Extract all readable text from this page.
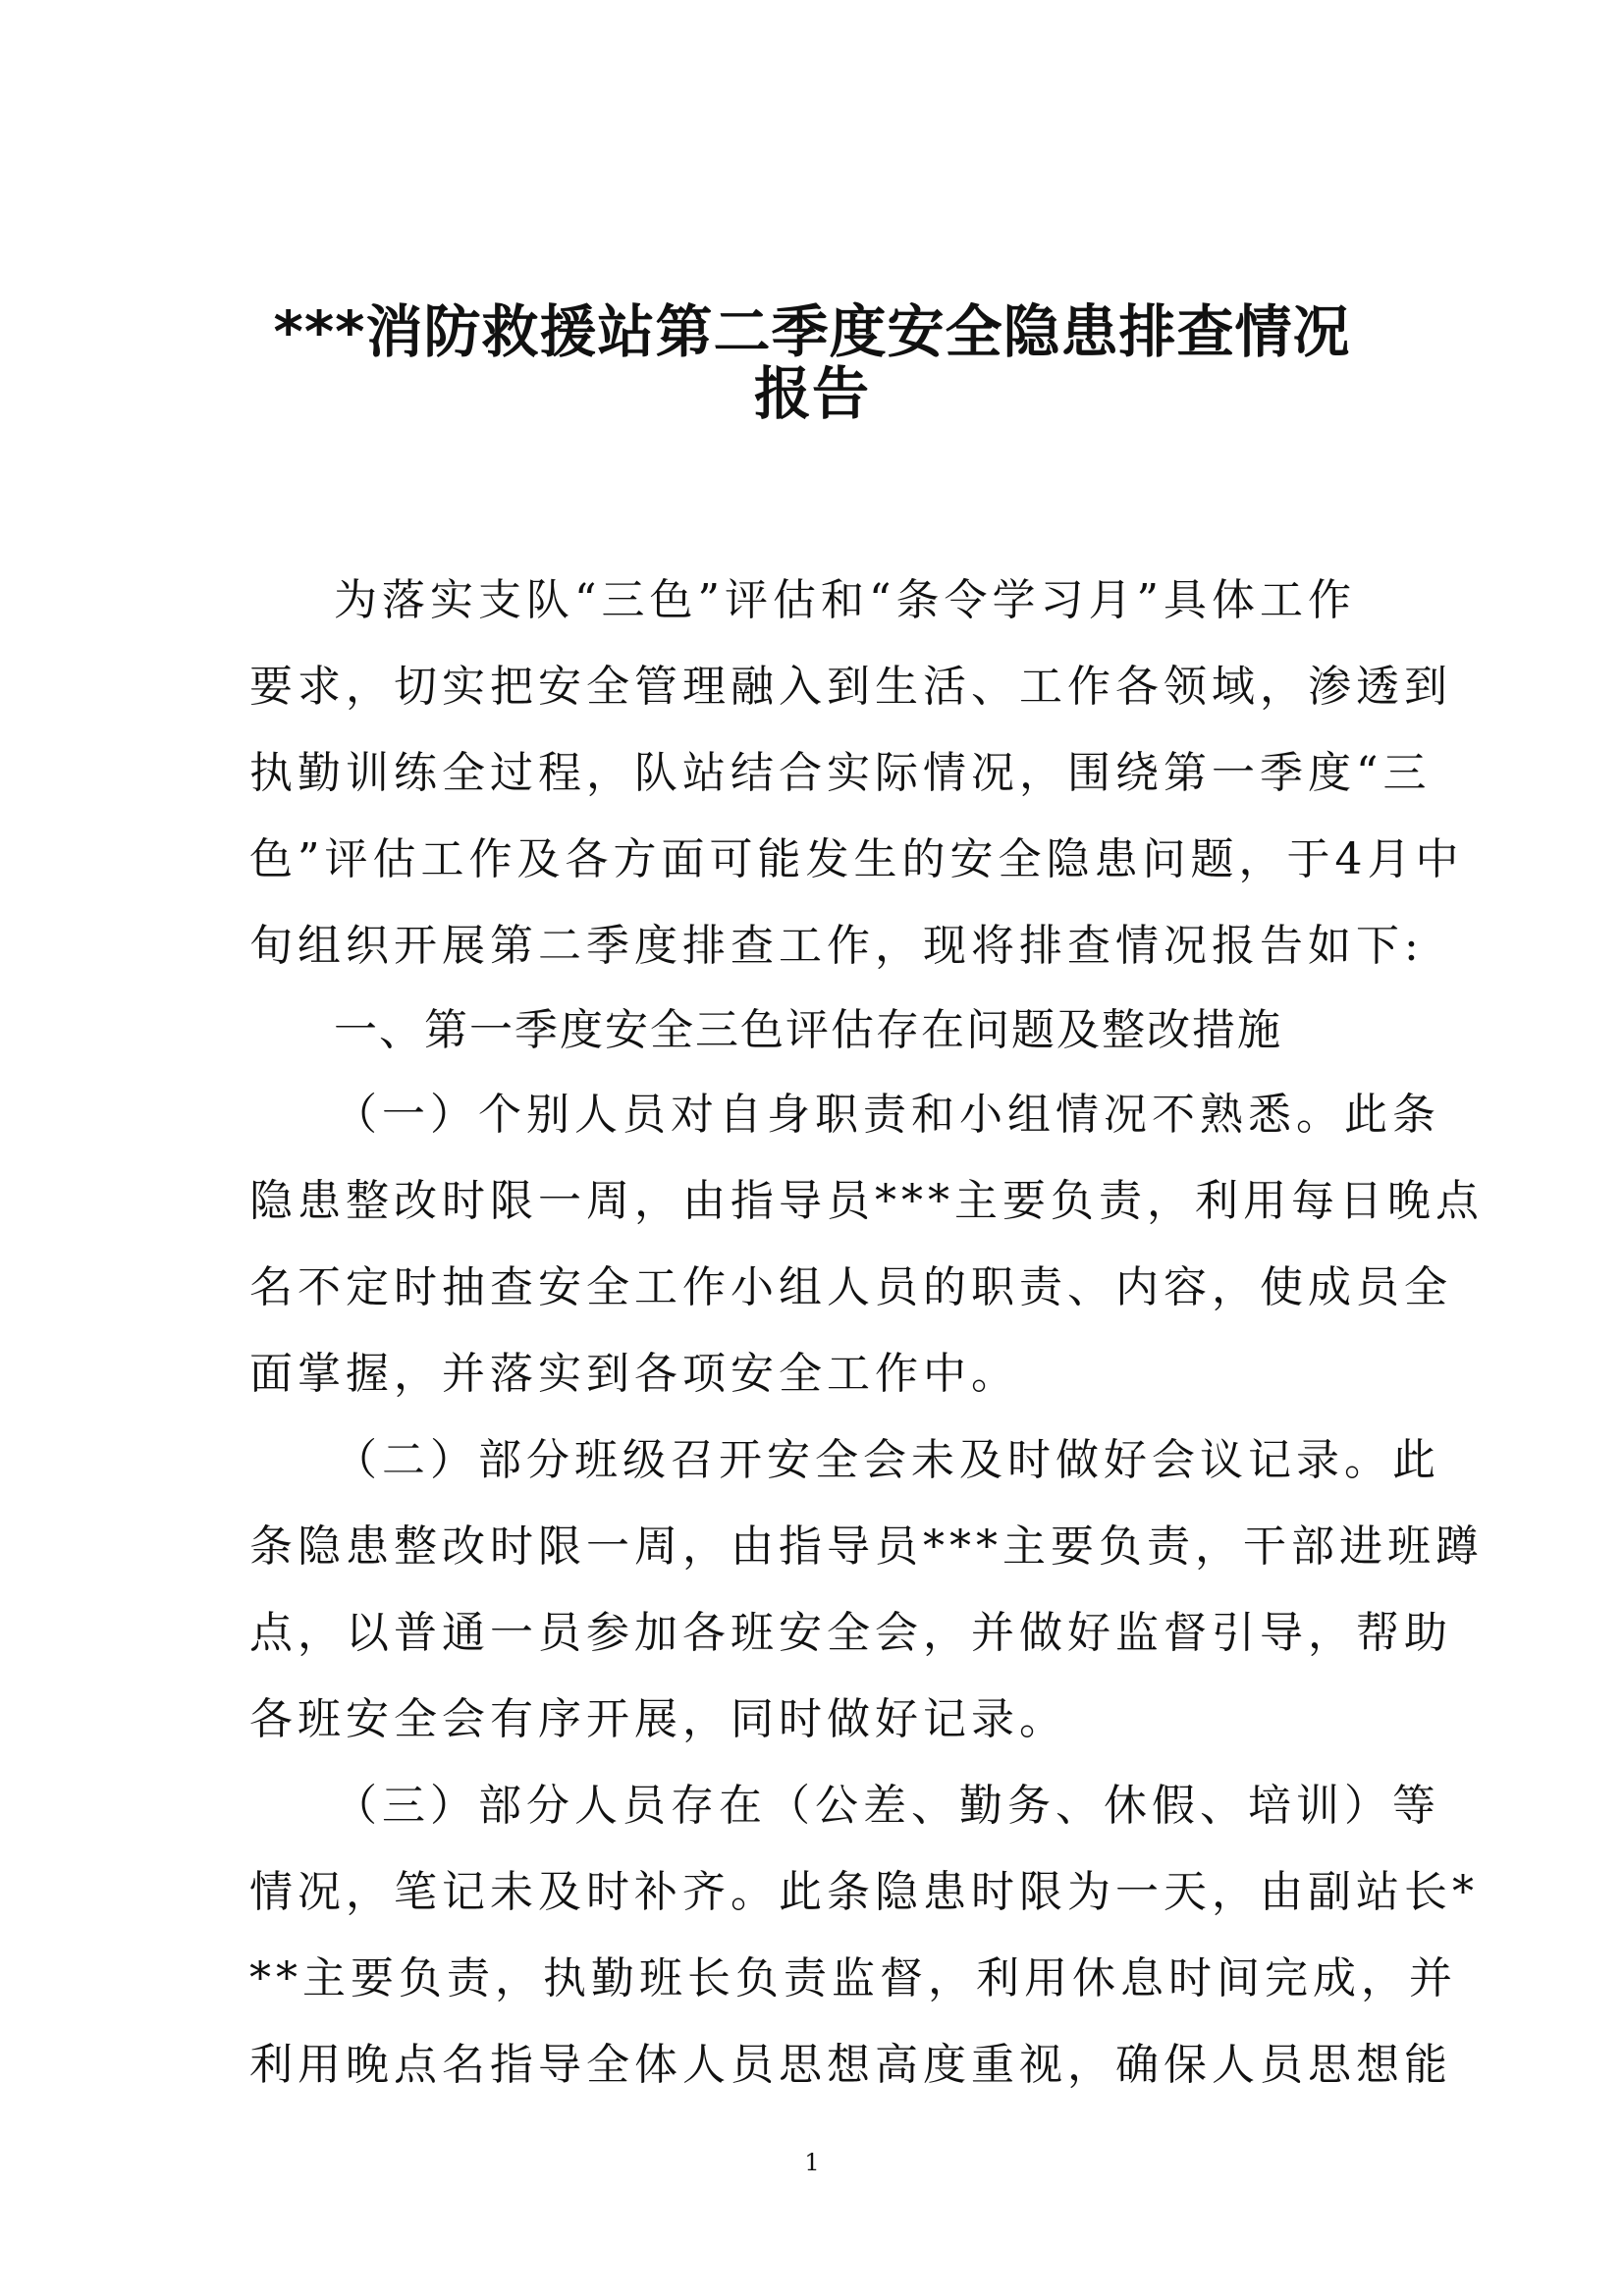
***消防救援站第二季度安全隐患排查情况
报告
为落实支队“三色”评估和“条令学习月”具体工作
要求，切实把安全管理融入到生活、工作各领域，渗透到
执勤训练全过程，队站结合实际情况，围绕第一季度“三
色”评估工作及各方面可能发生的安全隐患问题，于4月中
旬组织开展第二季度排查工作，现将排查情况报告如下:
一、第一季度安全三色评估存在问题及整改措施
（一）个别人员对自身职责和小组情况不熟悉。此条
隐患整改时限一周，由指导员***主要负责，利用每日晚点
名不定时抽查安全工作小组人员的职责、内容，使成员全
面掌握，并落实到各项安全工作中。
（二）部分班级召开安全会未及时做好会议记录。此
条隐患整改时限一周，由指导员***主要负责，干部进班蹲
点，以普通一员参加各班安全会，并做好监督引导，帮助
各班安全会有序开展，同时做好记录。
（三）部分人员存在（公差、勤务、休假、培训）等
情况，笔记未及时补齐。此条隐患时限为一天，由副站长*
**主要负责，执勤班长负责监督，利用休息时间完成，并
利用晚点名指导全体人员思想高度重视，确保人员思想能
1
